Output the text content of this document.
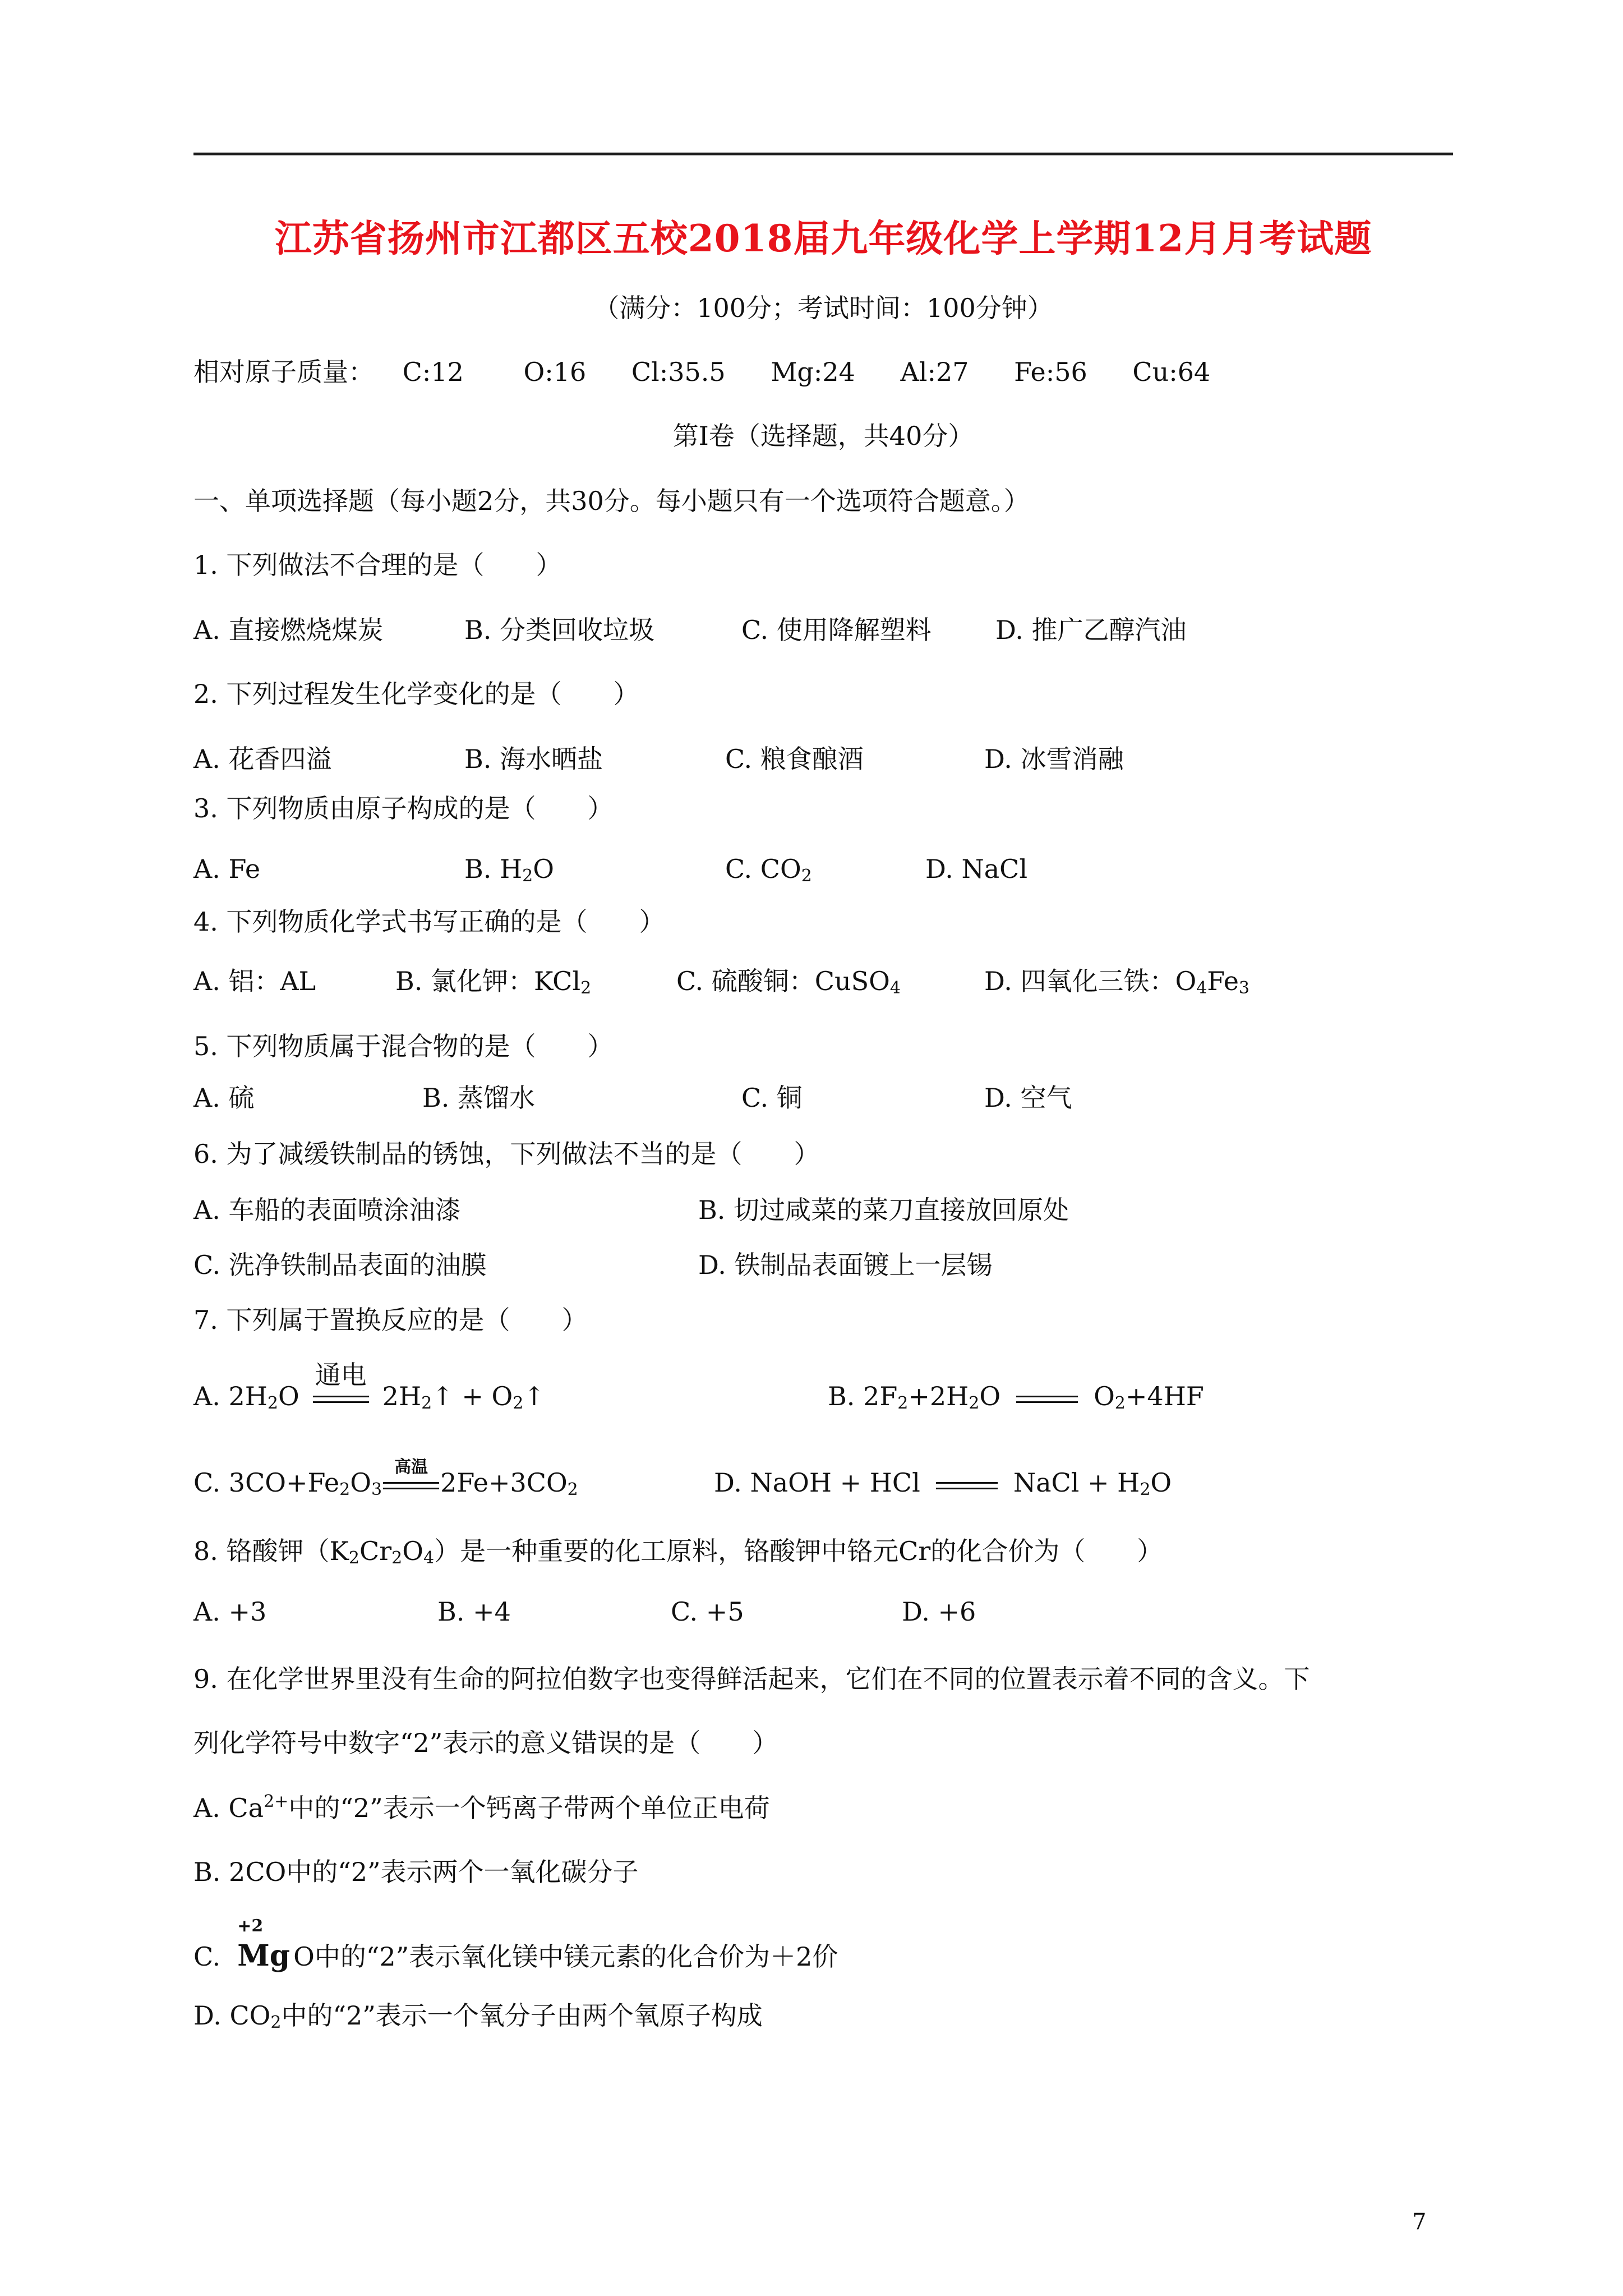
江苏省扬州市江都区五校2018届九年级化学上学期12月月考试题
（满分：100分；考试时间：100分钟）
相对原子质量： C:12 O:16 Cl:35.5 Mg:24 Al:27 Fe:56 Cu:64
第Ⅰ卷（选择题，共40分）
一、单项选择题（每小题2分，共30分。每小题只有一个选项符合题意。）
1. 下列做法不合理的是（　　）
A. 直接燃烧煤炭	B. 分类回收垃圾	C. 使用降解塑料 D. 推广乙醇汽油
2. 下列过程发生化学变化的是（　　）
A. 花香四溢	B. 海水晒盐	C. 粮食酿酒	D. 冰雪消融
3. 下列物质由原子构成的是（　　）
A. Fe	B. $H_2O$	C. $CO_2$	D. NaCl
4. 下列物质化学式书写正确的是（　　）
A. 铝：AL	B. 氯化钾：KCl$_2$	C. 硫酸铜：CuSO$_4$	D. 四氧化三铁：$O_4Fe_3$
5. 下列物质属于混合物的是（　　）
A. 硫	B. 蒸馏水	C. 铜	D. 空气
6. 为了减缓铁制品的锈蚀，下列做法不当的是（　　）
A. 车船的表面喷涂油漆	B. 切过咸菜的菜刀直接放回原处
C. 洗净铁制品表面的油膜	D. 铁制品表面镀上一层锡
7. 下列属于置换反应的是（　　）
A. $2H_2O$
通电
$2H_2↑$ + $O_2↑$	B. $2F_2+2H_2O$	$O_2+4HF$
C. $3CO+Fe_2O_3$
高温
$2Fe+3CO_2$	D. NaOH + HCl	NaCl + $H_2O$
8. 铬酸钾$(K_2Cr_2O_4)$是一种重要的化工原料，铬酸钾中铬元Cr的化合价为（　　）
A. +3	B. +4	C. +5	D. +6
9. 在化学世界里没有生命的阿拉伯数字也变得鲜活起来，它们在不同的位置表示着不同的含义。下
列化学符号中数字“2”表示的意义错误的是（　　）
A. $Ca^{2+}$中的“2”表示一个钙离子带两个单位正电荷
B. 2CO中的“2”表示两个一氧化碳分子
C.
+2
Mg O中的“2”表示氧化镁中镁元素的化合价为＋2价
D. $CO_2$中的“2”表示一个氧分子由两个氧原子构成
7
